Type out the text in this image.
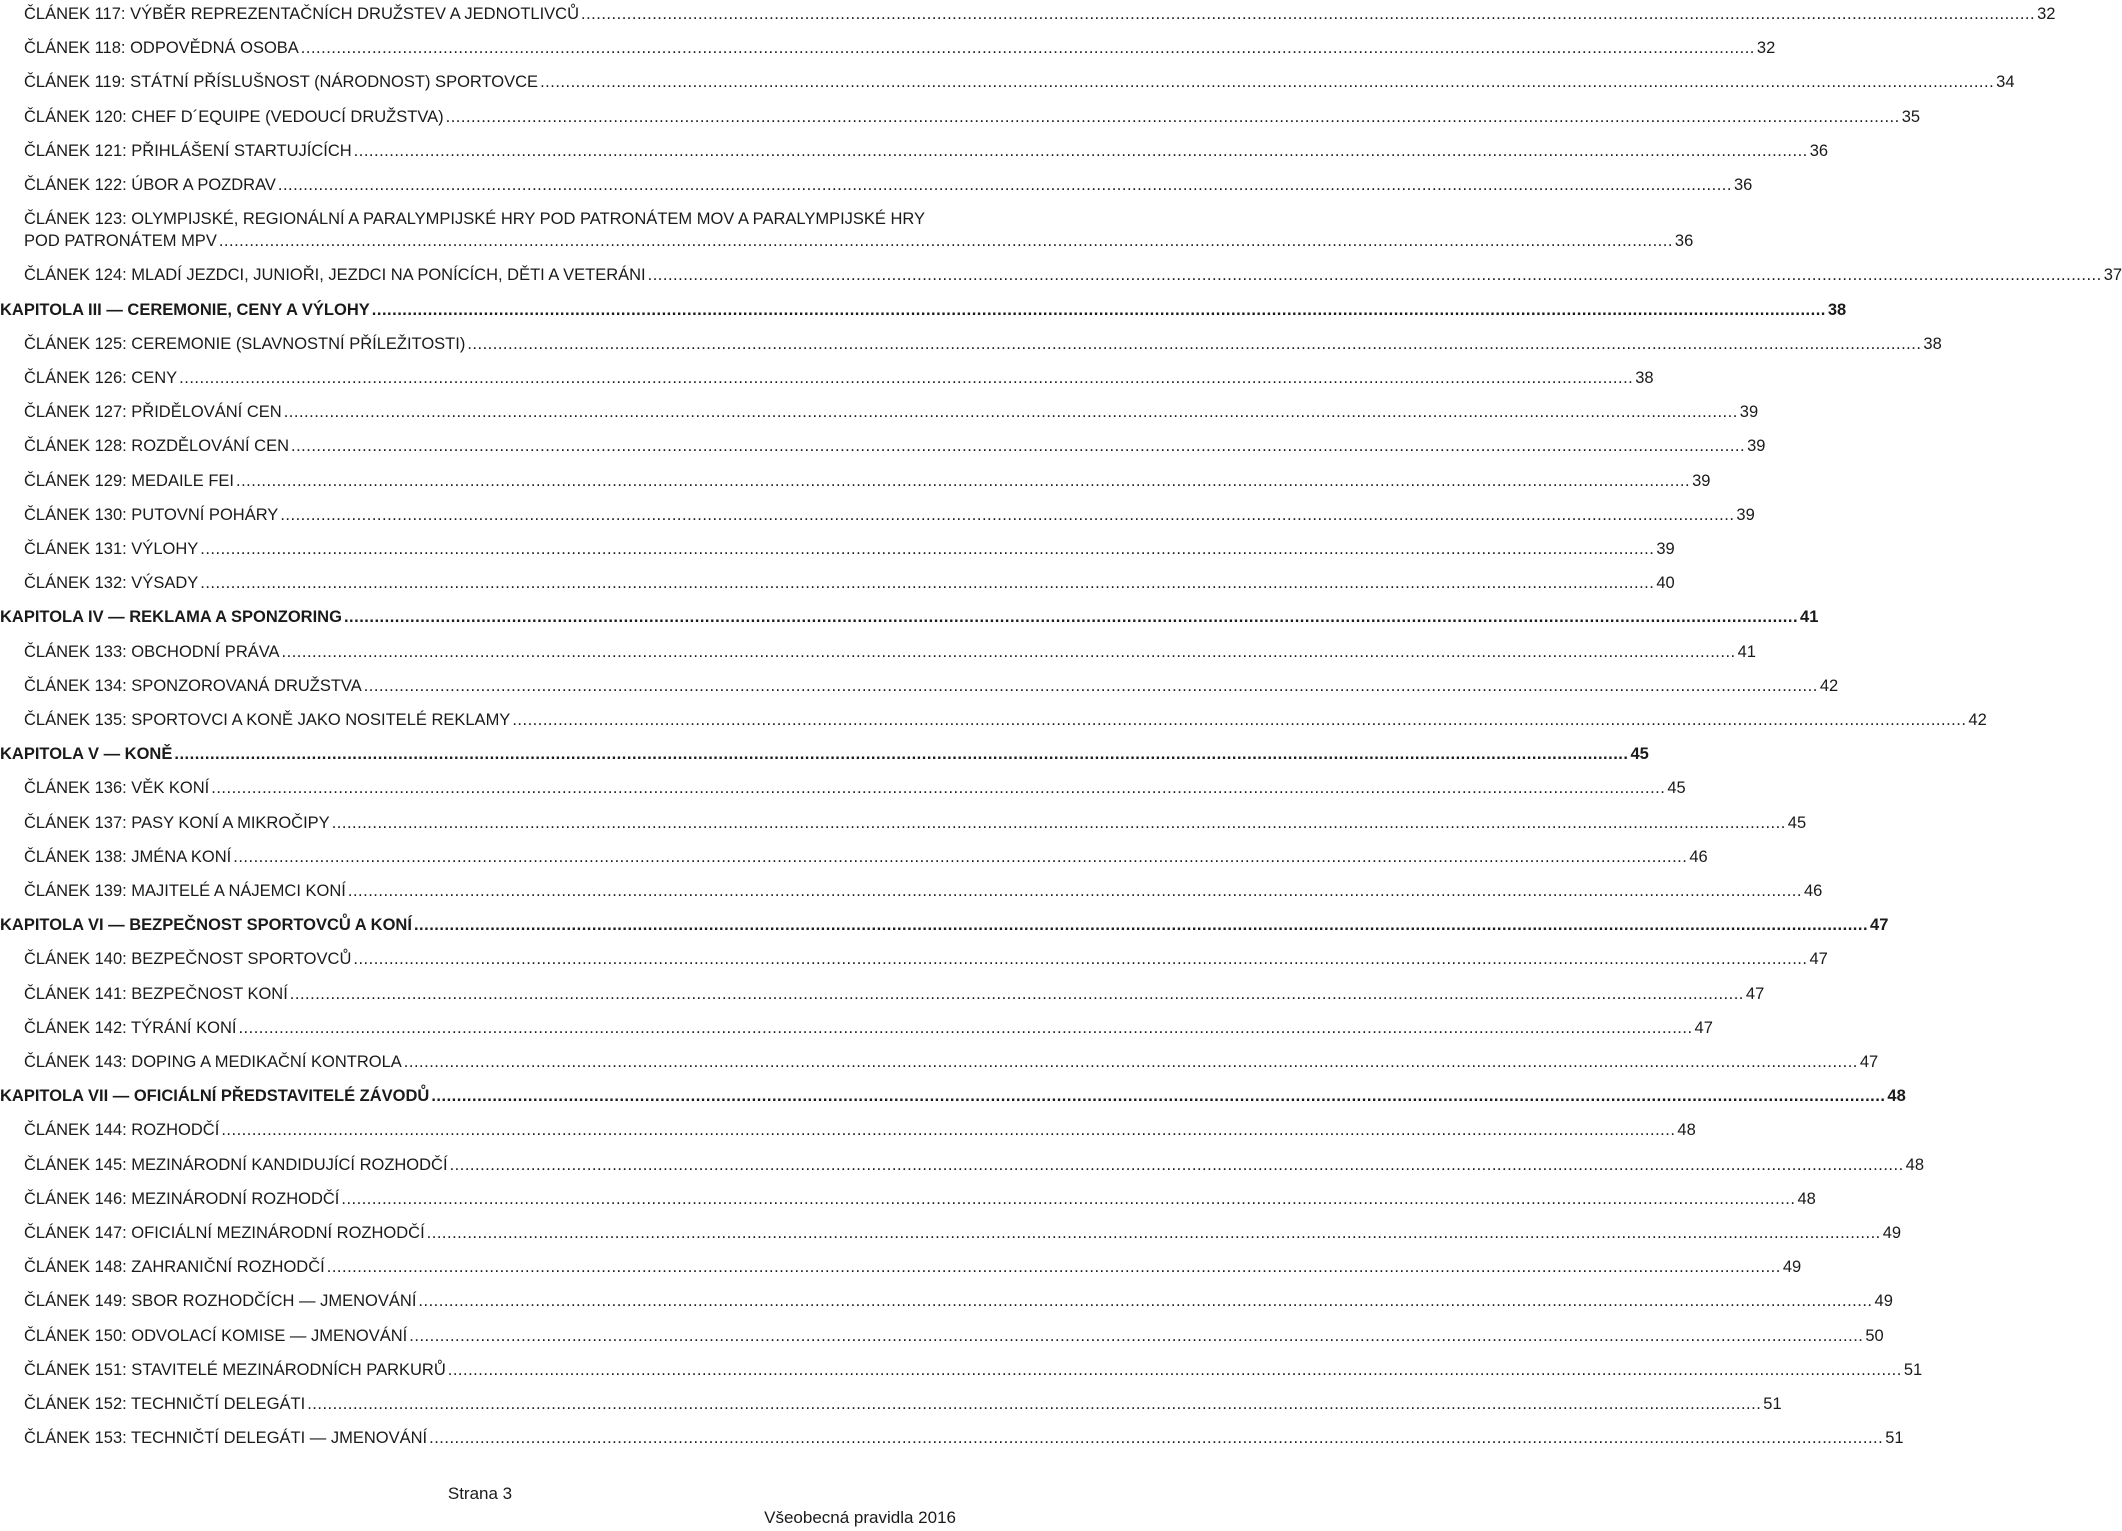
ČLÁNEK 117: VÝBĚR REPREZENTAČNÍCH DRUŽSTEV A JEDNOTLIVCŮ .....	32
ČLÁNEK 118: ODPOVĚDNÁ OSOBA .....	32
ČLÁNEK 119: STÁTNÍ PŘÍSLUŠNOST (NÁRODNOST) SPORTOVCE .....	34
ČLÁNEK 120: CHEF D´EQUIPE (VEDOUCÍ DRUŽSTVA) .....	35
ČLÁNEK 121: PŘIHLÁŠENÍ STARTUJÍCÍCH .....	36
ČLÁNEK 122: ÚBOR A POZDRAV .....	36
ČLÁNEK 123: OLYMPIJSKÉ, REGIONÁLNÍ A PARALYMPIJSKÉ HRY POD PATRONÁTEM MOV A PARALYMPIJSKÉ HRY
POD PATRONÁTEM MPV .....	36
ČLÁNEK 124: MLADÍ JEZDCI, JUNIOŘI, JEZDCI NA PONÍCÍCH, DĚTI A VETERÁNI .....	37
KAPITOLA III — CEREMONIE, CENY A VÝLOHY .....	38
ČLÁNEK 125: CEREMONIE (SLAVNOSTNÍ PŘÍLEŽITOSTI) .....	38
ČLÁNEK 126: CENY .....	38
ČLÁNEK 127: PŘIDĚLOVÁNÍ CEN .....	39
ČLÁNEK 128: ROZDĚLOVÁNÍ CEN .....	39
ČLÁNEK 129: MEDAILE FEI .....	39
ČLÁNEK 130: PUTOVNÍ POHÁRY .....	39
ČLÁNEK 131: VÝLOHY .....	39
ČLÁNEK 132: VÝSADY .....	40
KAPITOLA IV — REKLAMA A SPONZORING .....	41
ČLÁNEK 133: OBCHODNÍ PRÁVA .....	41
ČLÁNEK 134: SPONZOROVANÁ DRUŽSTVA .....	42
ČLÁNEK 135: SPORTOVCI A KONĚ JAKO NOSITELÉ REKLAMY .....	42
KAPITOLA V — KONĚ .....	45
ČLÁNEK 136: VĚK KONÍ .....	45
ČLÁNEK 137: PASY KONÍ A MIKROČIPY .....	45
ČLÁNEK 138: JMÉNA KONÍ .....	46
ČLÁNEK 139: MAJITELÉ A NÁJEMCI KONÍ .....	46
KAPITOLA VI — BEZPEČNOST SPORTOVCŮ A KONÍ .....	47
ČLÁNEK 140: BEZPEČNOST SPORTOVCŮ .....	47
ČLÁNEK 141: BEZPEČNOST KONÍ .....	47
ČLÁNEK 142: TÝRÁNÍ KONÍ .....	47
ČLÁNEK 143: DOPING A MEDIKAČNÍ KONTROLA .....	47
KAPITOLA VII — OFICIÁLNÍ PŘEDSTAVITELÉ ZÁVODŮ .....	48
ČLÁNEK 144: ROZHODČÍ .....	48
ČLÁNEK 145: MEZINÁRODNÍ KANDIDUJÍCÍ ROZHODČÍ .....	48
ČLÁNEK 146: MEZINÁRODNÍ ROZHODČÍ .....	48
ČLÁNEK 147: OFICIÁLNÍ MEZINÁRODNÍ ROZHODČÍ .....	49
ČLÁNEK 148: ZAHRANIČNÍ ROZHODČÍ .....	49
ČLÁNEK 149: SBOR ROZHODČÍCH — JMENOVÁNÍ .....	49
ČLÁNEK 150: ODVOLACÍ KOMISE — JMENOVÁNÍ .....	50
ČLÁNEK 151: STAVITELÉ MEZINÁRODNÍCH PARKURŮ .....	51
ČLÁNEK 152: TECHNIČTÍ DELEGÁTI .....	51
ČLÁNEK 153: TECHNIČTÍ DELEGÁTI — JMENOVÁNÍ .....	51
Strana 3
Všeobecná pravidla 2016
